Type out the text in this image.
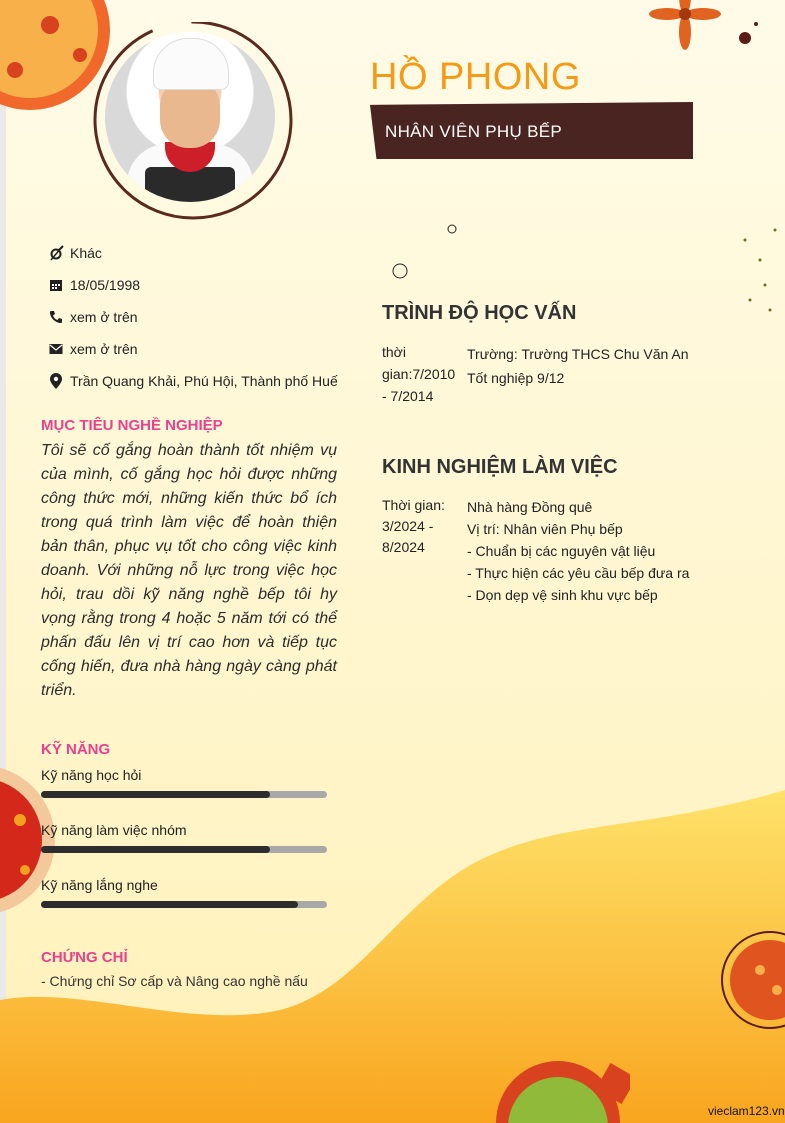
HỒ PHONG
NHÂN VIÊN PHỤ BẾP
Khác
18/05/1998
xem ở trên
xem ở trên
Trần Quang Khải, Phú Hội, Thành phố Huế
MỤC TIÊU NGHỀ NGHIỆP

Tôi sẽ cố gắng hoàn thành tốt nhiệm vụ của mình, cố gắng học hỏi được những công thức mới, những kiến thức bổ ích trong quá trình làm việc để hoàn thiện bản thân, phục vụ tốt cho công việc kinh doanh. Với những nỗ lực trong việc học hỏi, trau dồi kỹ năng nghề bếp tôi hy vọng rằng trong 4 hoặc 5 năm tới có thể phấn đấu lên vị trí cao hơn và tiếp tục cống hiến, đưa nhà hàng ngày càng phát triển.

KỸ NĂNG
Kỹ năng học hỏi
Kỹ năng làm việc nhóm
Kỹ năng lắng nghe
CHỨNG CHỈ
- Chứng chỉ Sơ cấp và Nâng cao nghề nấu
TRÌNH ĐỘ HỌC VẤN
thời gian:7/2010 - 7/2014
Trường: Trường THCS Chu Văn An
Tốt nghiệp 9/12
KINH NGHIỆM LÀM VIỆC
Thời gian: 3/2024 - 8/2024
Nhà hàng Đồng quê
Vị trí: Nhân viên Phụ bếp
- Chuẩn bị các nguyên vật liệu
- Thực hiện các yêu cầu bếp đưa ra
- Dọn dẹp vệ sinh khu vực bếp
vieclam123.vn
